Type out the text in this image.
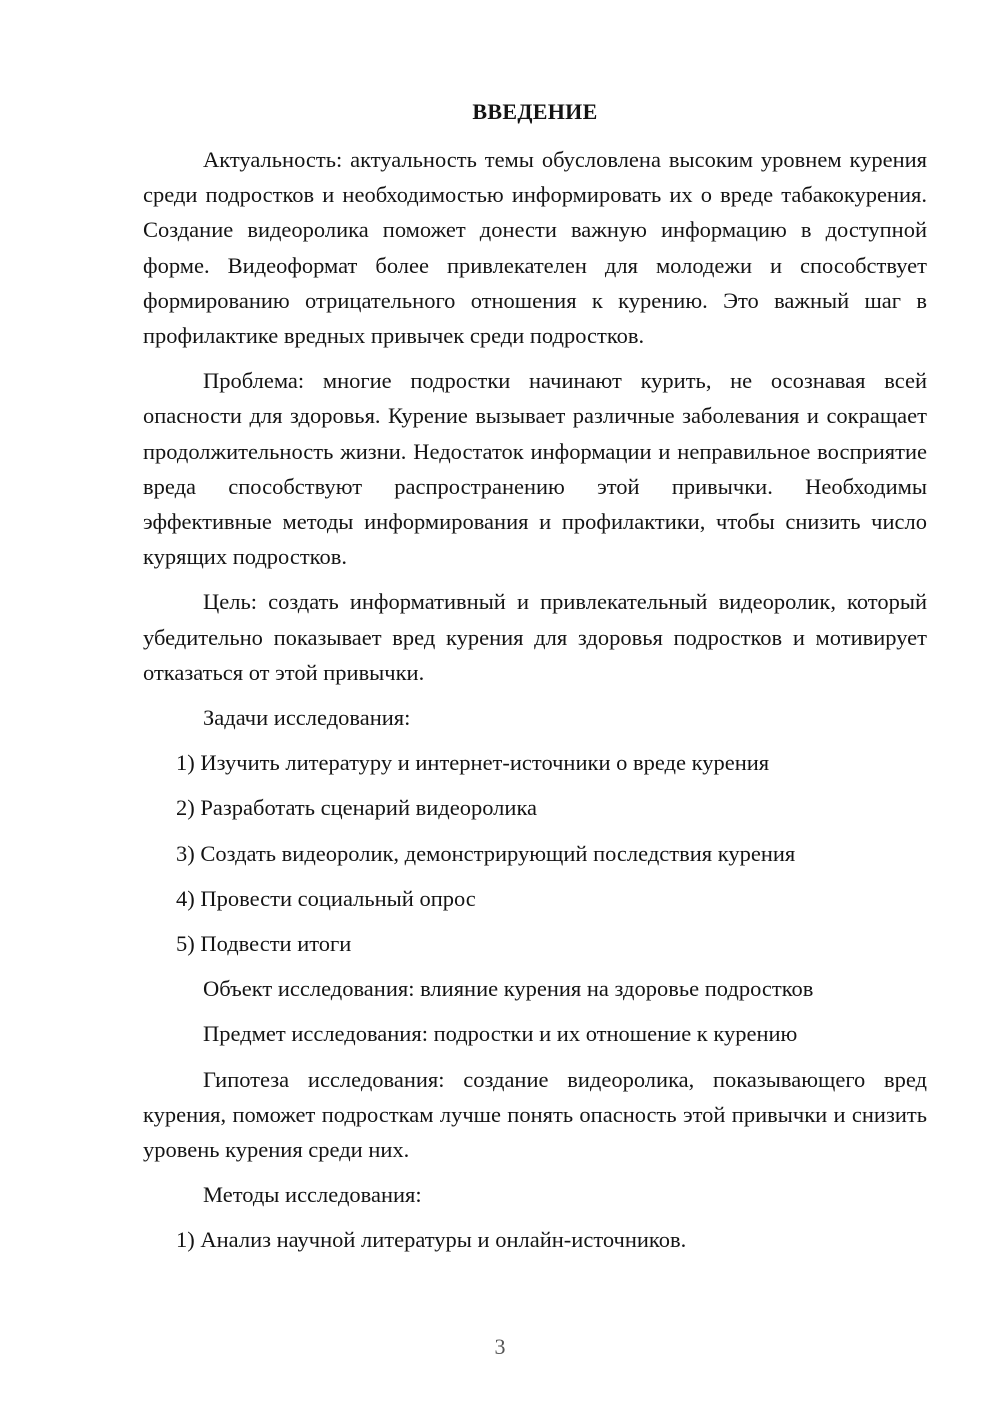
ВВЕДЕНИЕ

Актуальность: актуальность темы обусловлена высоким уровнем курения среди подростков и необходимостью информировать их о вреде табакокурения. Создание видеоролика поможет донести важную информацию в доступной форме. Видеоформат более привлекателен для молодежи и способствует формированию отрицательного отношения к курению. Это важный шаг в профилактике вредных привычек среди подростков.

Проблема: многие подростки начинают курить, не осознавая всей опасности для здоровья. Курение вызывает различные заболевания и сокращает продолжительность жизни. Недостаток информации и неправильное восприятие вреда способствуют распространению этой привычки. Необходимы эффективные методы информирования и профилактики, чтобы снизить число курящих подростков.

Цель: создать информативный и привлекательный видеоролик, который убедительно показывает вред курения для здоровья подростков и мотивирует отказаться от этой привычки.

Задачи исследования:

1) Изучить литературу и интернет-источники о вреде курения

2) Разработать сценарий видеоролика

3) Создать видеоролик, демонстрирующий последствия курения

4) Провести социальный опрос

5) Подвести итоги

Объект исследования: влияние курения на здоровье подростков

Предмет исследования: подростки и их отношение к курению

Гипотеза исследования: создание видеоролика, показывающего вред курения, поможет подросткам лучше понять опасность этой привычки и снизить уровень курения среди них.

Методы исследования:

1) Анализ научной литературы и онлайн-источников.

3
